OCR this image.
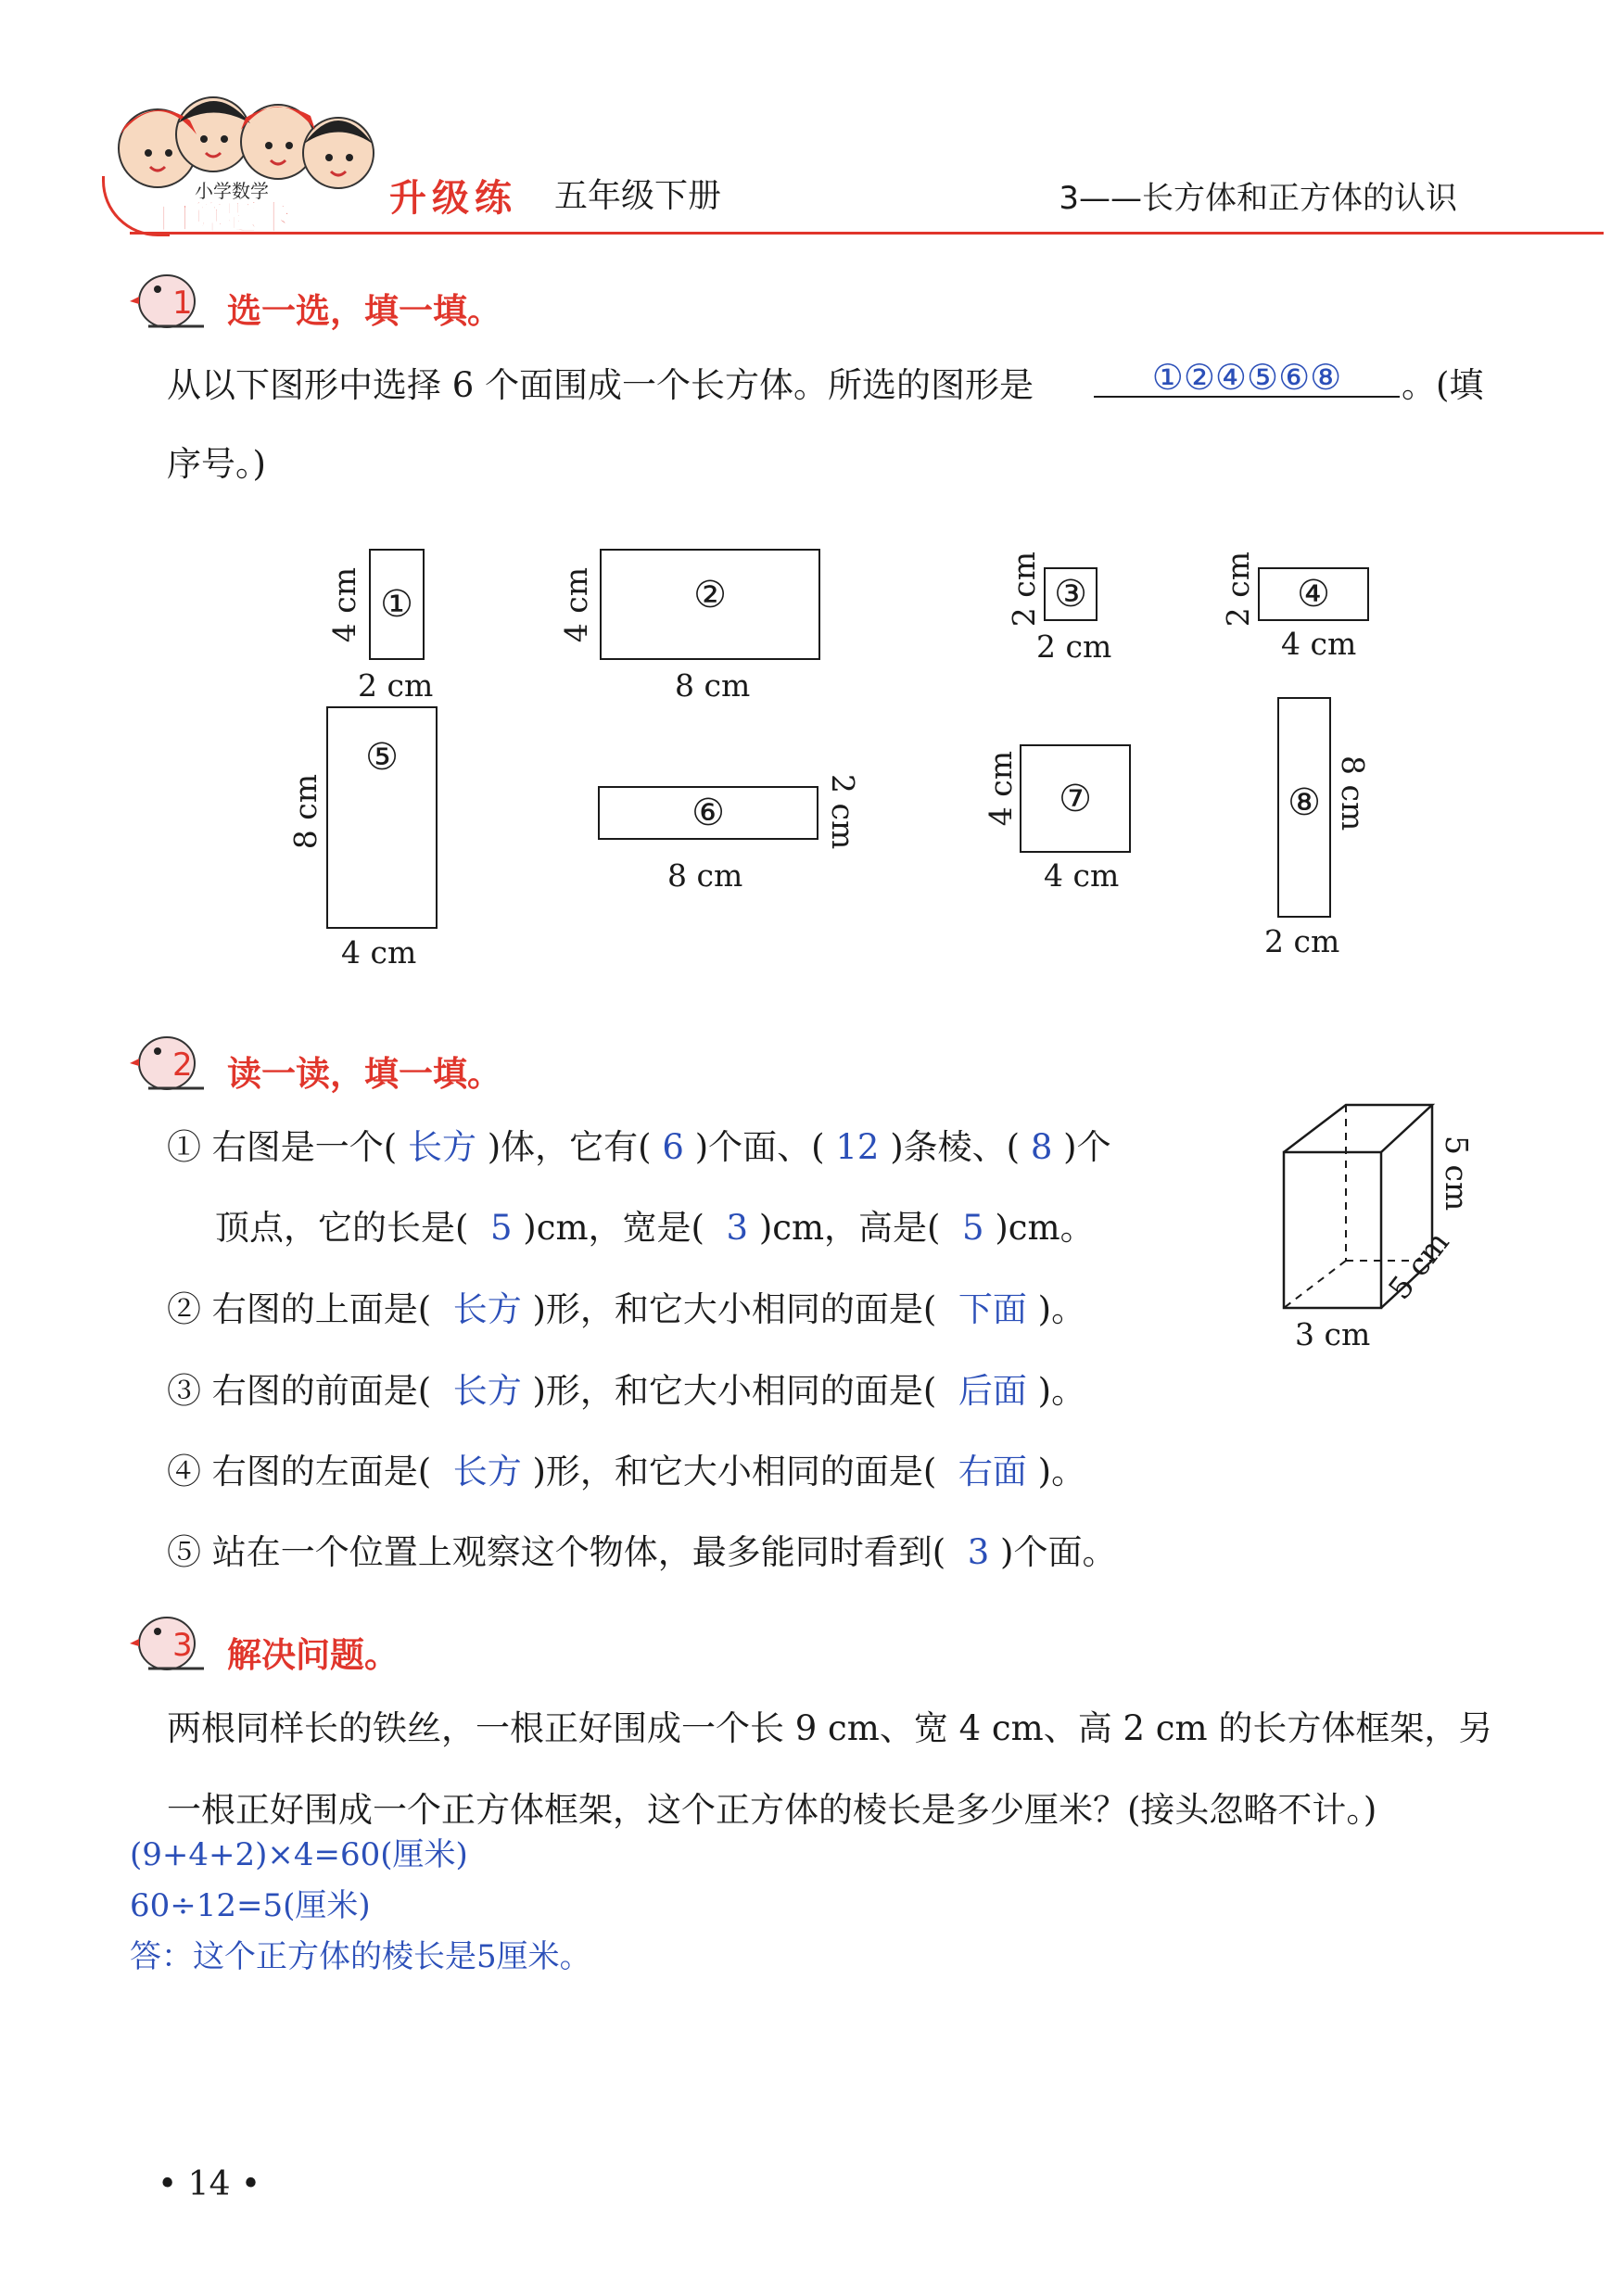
小学数学
口算题卡	升级练 五年级下册	3——长方体和正方体的认识
1 选一选，填一填。
从以下图形中选择 6 个面围成一个长方体。所选的图形是	①②④⑤⑥⑧	。(填
序号。)
①
4 cm
2 cm
②
4 cm
8 cm
③
2 cm
2 cm
④
2 cm
4 cm
⑤
8 cm
4 cm
⑥	2 cm
8 cm
⑦
4 cm
4 cm
⑧ 8 cm
2 cm
2 读一读，填一填。
① 右图是一个( 长方 )体，它有( 6 )个面、( 12 )条棱、( 8 )个
顶点，它的长是( 5 )cm，宽是( 3 )cm，高是( 5 )cm。
② 右图的上面是( 长方 )形，和它大小相同的面是( 下面 )。
③ 右图的前面是( 长方 )形，和它大小相同的面是( 后面 )。
④ 右图的左面是( 长方 )形，和它大小相同的面是( 右面 )。
⑤ 站在一个位置上观察这个物体，最多能同时看到( 3 )个面。
5 cm
3 cm
5 cm
3 解决问题。
两根同样长的铁丝，一根正好围成一个长 9 cm、宽 4 cm、高 2 cm 的长方体框架，另
一根正好围成一个正方体框架，这个正方体的棱长是多少厘米？(接头忽略不计。)
(9+4+2)×4=60(厘米)
60÷12=5(厘米)
答：这个正方体的棱长是5厘米。
• 14 •
